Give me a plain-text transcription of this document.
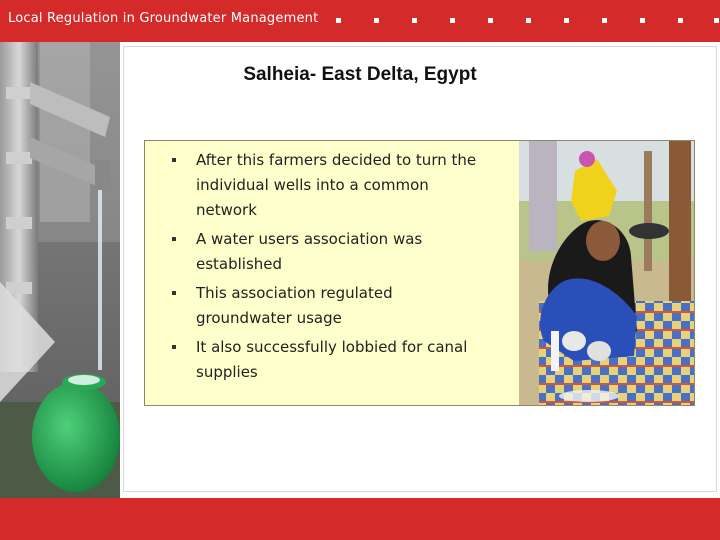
Local Regulation in Groundwater Management
Salheia- East Delta, Egypt
After this farmers decided to turn the individual wells into a common network
A water users association was established
This association regulated groundwater usage
It also successfully lobbied for canal supplies
